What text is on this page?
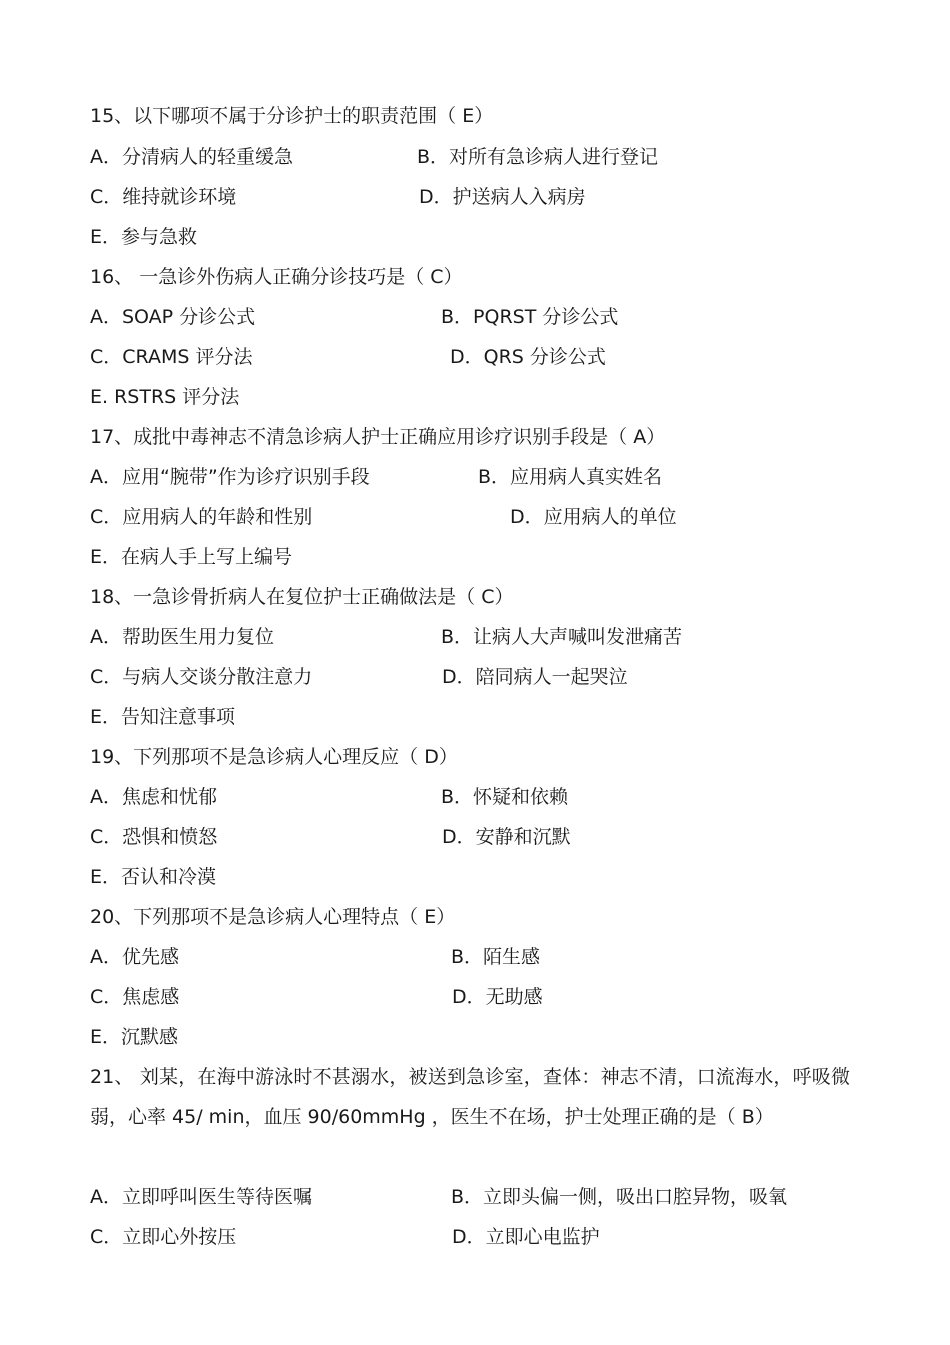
15、以下哪项不属于分诊护士的职责范围（ E）
A．分清病人的轻重缓急	B．对所有急诊病人进行登记
C．维持就诊环境	D．护送病人入病房
E．参与急救
16、 一急诊外伤病人正确分诊技巧是（ C）
A．SOAP 分诊公式	B．PQRST 分诊公式
C．CRAMS 评分法	D．QRS 分诊公式
E. RSTRS 评分法
17、成批中毒神志不清急诊病人护士正确应用诊疗识别手段是（ A）
A．应用“腕带”作为诊疗识别手段	B．应用病人真实姓名
C．应用病人的年龄和性别	D．应用病人的单位
E．在病人手上写上编号
18、一急诊骨折病人在复位护士正确做法是（ C）
A．帮助医生用力复位	B．让病人大声喊叫发泄痛苦
C．与病人交谈分散注意力	D．陪同病人一起哭泣
E．告知注意事项
19、下列那项不是急诊病人心理反应（ D）
A．焦虑和忧郁	B．怀疑和依赖
C．恐惧和愤怒	D．安静和沉默
E．否认和冷漠
20、下列那项不是急诊病人心理特点（ E）
A．优先感	B．陌生感
C．焦虑感	D．无助感
E．沉默感
21、 刘某，在海中游泳时不甚溺水，被送到急诊室，查体：神志不清，口流海水，呼吸微弱，心率 45/ min，血压 90/60mmHg ，医生不在场，护士处理正确的是（ B）
A．立即呼叫医生等待医嘱	B．立即头偏一侧，吸出口腔异物，吸氧
C．立即心外按压	D．立即心电监护
